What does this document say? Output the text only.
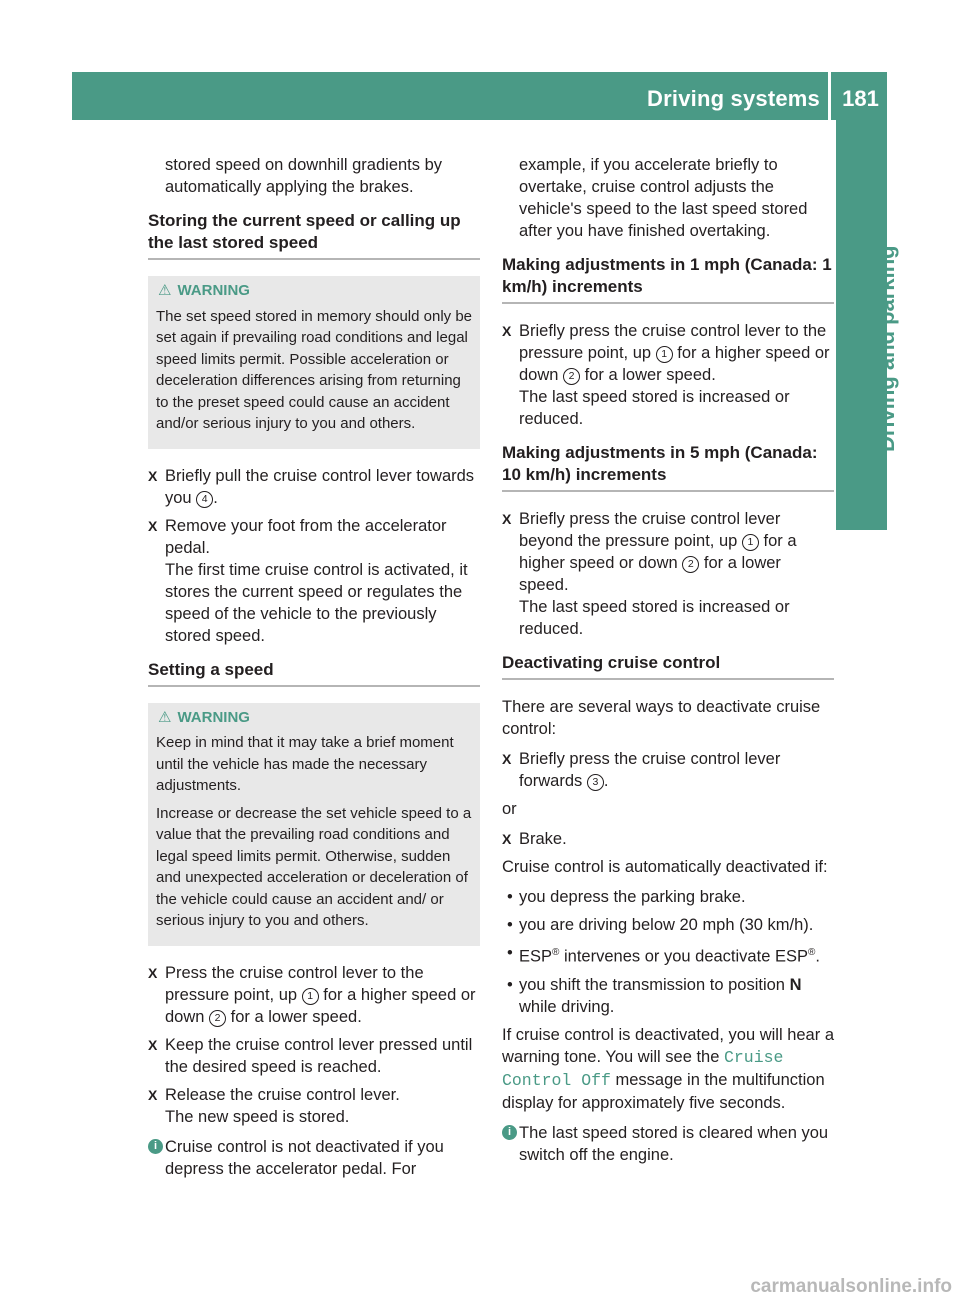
Driving systems	181
Driving and parking

stored speed on downhill gradients by automatically applying the brakes.

Storing the current speed or calling up the last stored speed
⚠ WARNING

The set speed stored in memory should only be set again if prevailing road conditions and legal speed limits permit. Possible acceleration or deceleration differences arising from returning to the preset speed could cause an accident and/or serious injury to you and others.

X Briefly pull the cruise control lever towards you 4 .
X Remove your foot from the accelerator pedal.
The first time cruise control is activated, it stores the current speed or regulates the speed of the vehicle to the previously stored speed.
Setting a speed
⚠ WARNING

Keep in mind that it may take a brief moment until the vehicle has made the necessary adjustments.

Increase or decrease the set vehicle speed to a value that the prevailing road conditions and legal speed limits permit. Otherwise, sudden and unexpected acceleration or deceleration of the vehicle could cause an accident and/ or serious injury to you and others.

X Press the cruise control lever to the pressure point, up 1 for a higher speed or down 2 for a lower speed.
X Keep the cruise control lever pressed until the desired speed is reached.
X Release the cruise control lever.
The new speed is stored.
i Cruise control is not deactivated if you depress the accelerator pedal. For

example, if you accelerate briefly to overtake, cruise control adjusts the vehicle's speed to the last speed stored after you have finished overtaking.

Making adjustments in 1 mph (Canada: 1 km/h) increments
X Briefly press the cruise control lever to the pressure point, up 1 for a higher speed or down 2 for a lower speed.
The last speed stored is increased or reduced.
Making adjustments in 5 mph (Canada: 10 km/h) increments
X Briefly press the cruise control lever beyond the pressure point, up 1 for a higher speed or down 2 for a lower speed.
The last speed stored is increased or reduced.
Deactivating cruise control

There are several ways to deactivate cruise control:

X Briefly press the cruise control lever forwards 3 .

or

X Brake.

Cruise control is automatically deactivated if:

• you depress the parking brake.
• you are driving below 20 mph (30 km/h).
• ESP® intervenes or you deactivate ESP®.
• you shift the transmission to position N while driving.

If cruise control is deactivated, you will hear a warning tone. You will see the Cruise Control Off message in the multifunction display for approximately five seconds.

i The last speed stored is cleared when you switch off the engine.
carmanualsonline.info
